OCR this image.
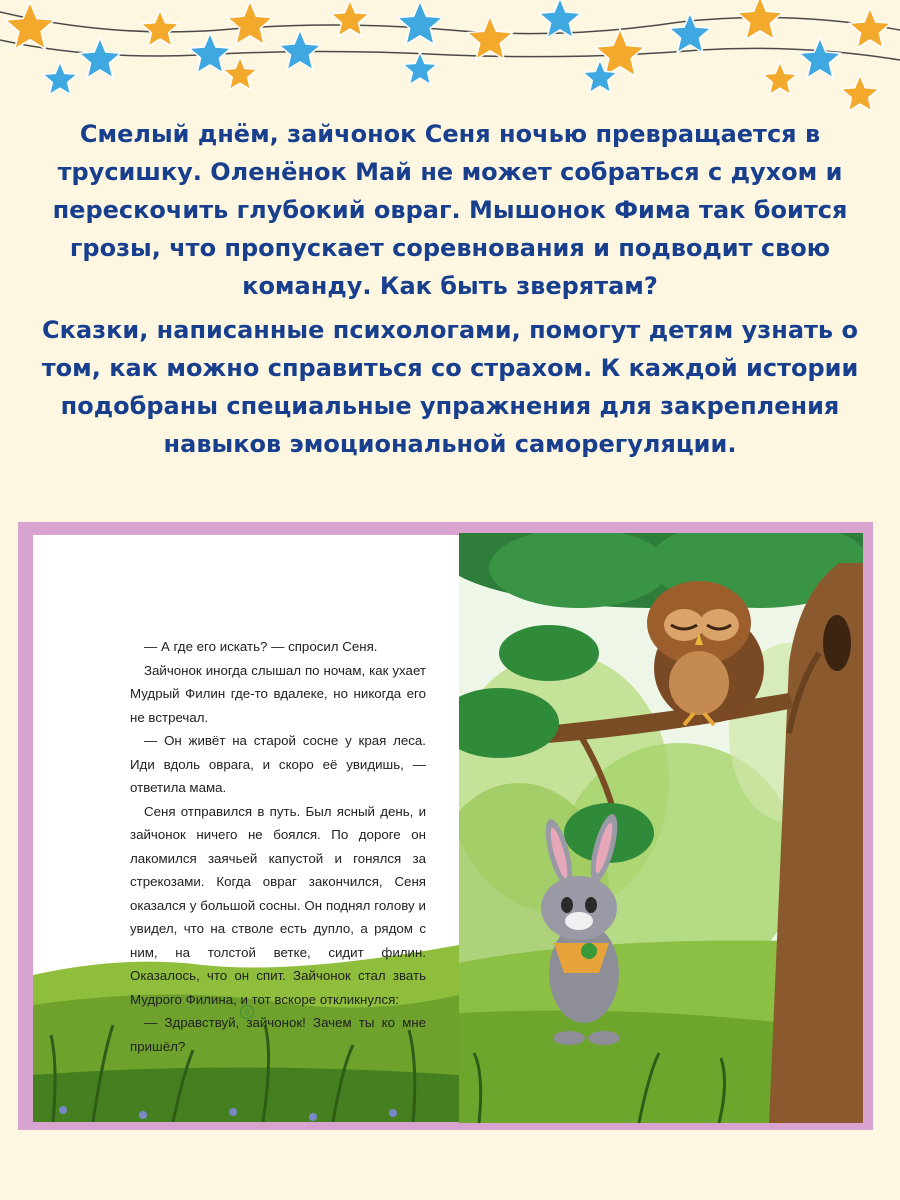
Смелый днём, зайчонок Сеня ночью превращается в трусишку. Оленёнок Май не может собраться с духом и перескочить глубокий овраг. Мышонок Фима так боится грозы, что пропускает соревнования и подводит свою команду. Как быть зверятам?

Сказки, написанные психологами, помогут детям узнать о том, как можно справиться со страхом. К каждой истории подобраны специальные упражнения для закрепления навыков эмоциональной саморегуляции.

— А где его искать? — спросил Сеня.

Зайчонок иногда слышал по ночам, как ухает Мудрый Филин где-то вдалеке, но никогда его не встречал.

— Он живёт на старой сосне у края леса. Иди вдоль оврага, и скоро её увидишь, — ответила мама.

Сеня отправился в путь. Был ясный день, и зайчонок ничего не боялся. По дороге он лакомился заячьей капустой и гонялся за стрекозами. Когда овраг закончился, Сеня оказался у большой сосны. Он поднял голову и увидел, что на стволе есть дупло, а рядом с ним, на толстой ветке, сидит филин. Оказалось, что он спит. Зайчонок стал звать Мудрого Филина, и тот вскоре откликнулся:

— Здравствуй, зайчонок! Зачем ты ко мне пришёл?

6
